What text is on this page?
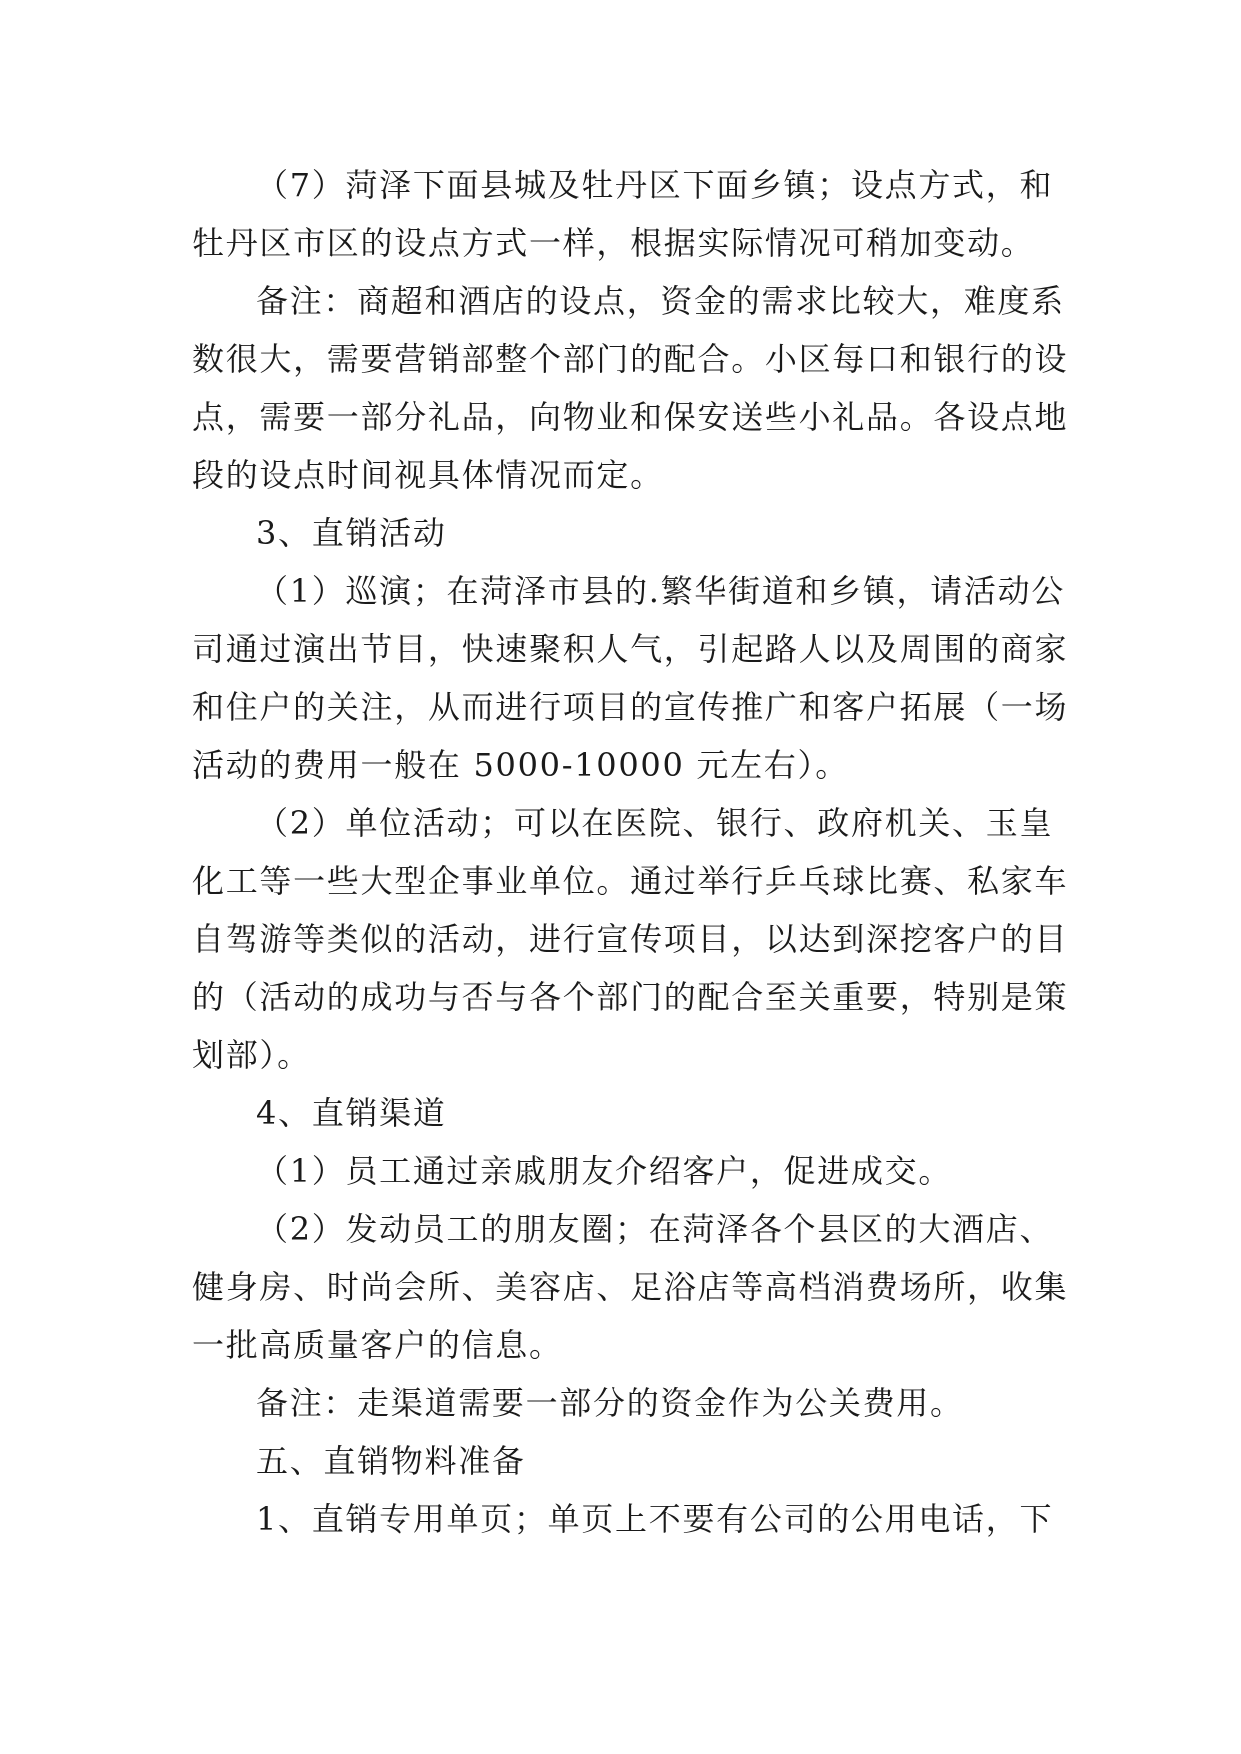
（7）菏泽下面县城及牡丹区下面乡镇；设点方式，和
牡丹区市区的设点方式一样，根据实际情况可稍加变动。
备注：商超和酒店的设点，资金的需求比较大，难度系
数很大，需要营销部整个部门的配合。小区每口和银行的设
点，需要一部分礼品，向物业和保安送些小礼品。各设点地
段的设点时间视具体情况而定。
3、直销活动
（1）巡演；在菏泽市县的.繁华街道和乡镇，请活动公
司通过演出节目，快速聚积人气，引起路人以及周围的商家
和住户的关注，从而进行项目的宣传推广和客户拓展（一场
活动的费用一般在 5000-10000 元左右）。
（2）单位活动；可以在医院、银行、政府机关、玉皇
化工等一些大型企事业单位。通过举行乒乓球比赛、私家车
自驾游等类似的活动，进行宣传项目，以达到深挖客户的目
的（活动的成功与否与各个部门的配合至关重要，特别是策
划部）。
4、直销渠道
（1）员工通过亲戚朋友介绍客户，促进成交。
（2）发动员工的朋友圈；在菏泽各个县区的大酒店、
健身房、时尚会所、美容店、足浴店等高档消费场所，收集
一批高质量客户的信息。
备注：走渠道需要一部分的资金作为公关费用。
五、直销物料准备
1、直销专用单页；单页上不要有公司的公用电话，下
